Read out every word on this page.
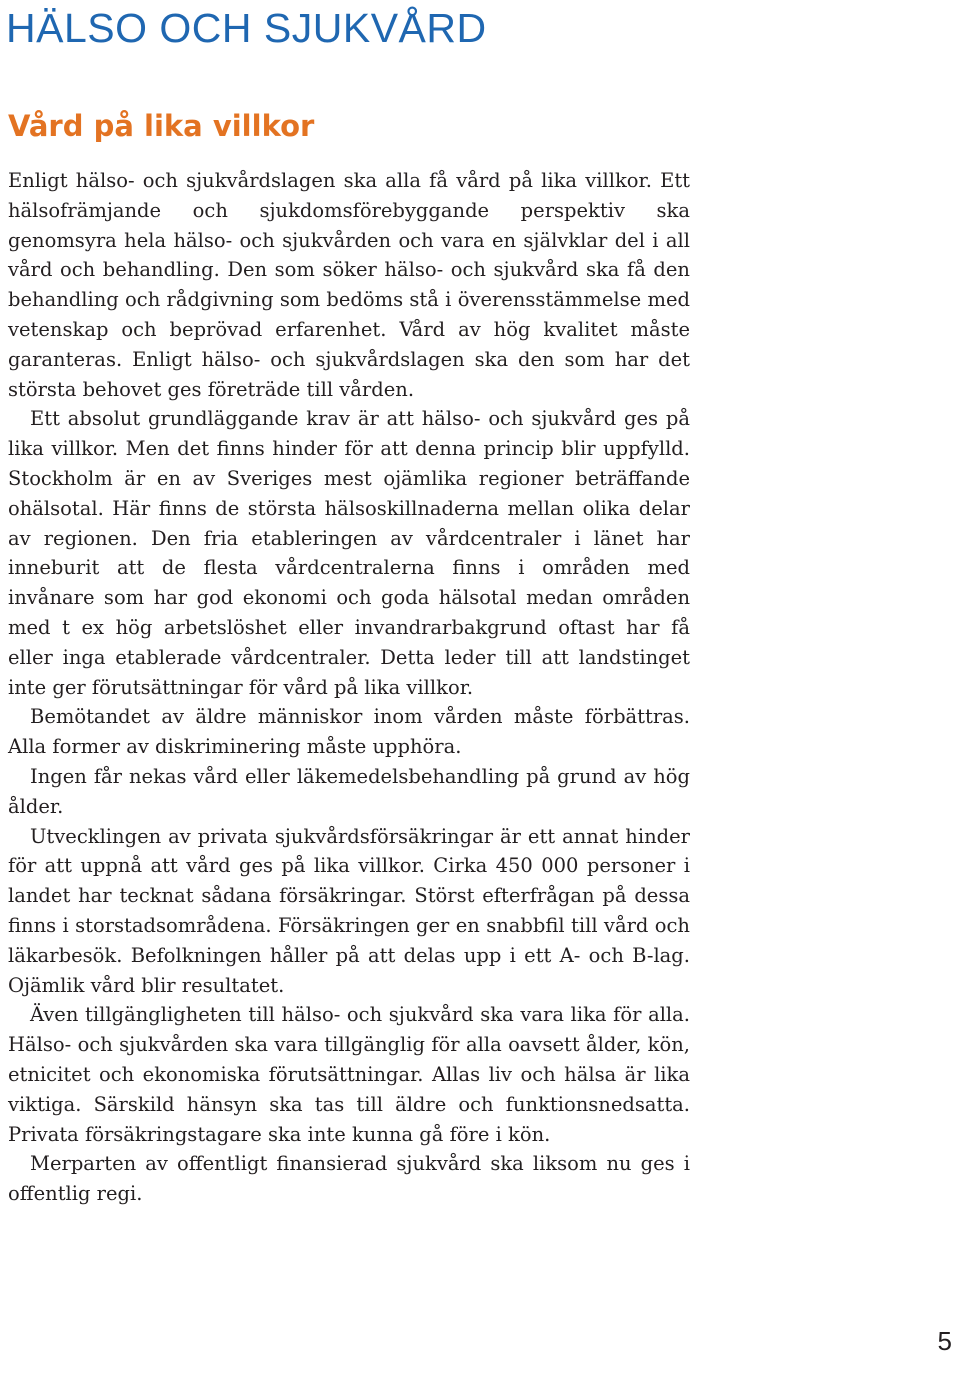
HÄLSO OCH SJUKVÅRD
Vård på lika villkor

Enligt hälso- och sjukvårdslagen ska alla få vård på lika villkor. Ett hälsofrämjande och sjukdomsförebyggande perspektiv ska genomsyra hela hälso- och sjukvården och vara en självklar del i all vård och behandling. Den som söker hälso- och sjukvård ska få den behandling och rådgivning som bedöms stå i överensstämmelse med vetenskap och beprövad erfarenhet. Vård av hög kvalitet måste garanteras. Enligt hälso- och sjukvårdslagen ska den som har det största behovet ges företräde till vården.

Ett absolut grundläggande krav är att hälso- och sjukvård ges på lika villkor. Men det finns hinder för att denna princip blir uppfylld. Stockholm är en av Sveriges mest ojämlika regioner beträffande ohälsotal. Här finns de största hälsoskillnaderna mellan olika delar av regionen. Den fria etableringen av vårdcentraler i länet har inneburit att de flesta vårdcentralerna finns i områden med invånare som har god ekonomi och goda hälsotal medan områden med t ex hög arbetslöshet eller invandrarbakgrund oftast har få eller inga etablerade vårdcentraler. Detta leder till att landstinget inte ger förutsättningar för vård på lika villkor.

Bemötandet av äldre människor inom vården måste förbättras. Alla former av diskriminering måste upphöra.

Ingen får nekas vård eller läkemedelsbehandling på grund av hög ålder.

Utvecklingen av privata sjukvårdsförsäkringar är ett annat hinder för att uppnå att vård ges på lika villkor. Cirka 450 000 personer i landet har tecknat sådana försäkringar. Störst efterfrågan på dessa finns i storstadsområdena. Försäkringen ger en snabbfil till vård och läkarbesök. Befolkningen håller på att delas upp i ett A- och B-lag. Ojämlik vård blir resultatet.

Även tillgängligheten till hälso- och sjukvård ska vara lika för alla. Hälso- och sjukvården ska vara tillgänglig för alla oavsett ålder, kön, etnicitet och ekonomiska förutsättningar. Allas liv och hälsa är lika viktiga. Särskild hänsyn ska tas till äldre och funktionsnedsatta. Privata försäkringstagare ska inte kunna gå före i kön.

Merparten av offentligt finansierad sjukvård ska liksom nu ges i offentlig regi.

5
